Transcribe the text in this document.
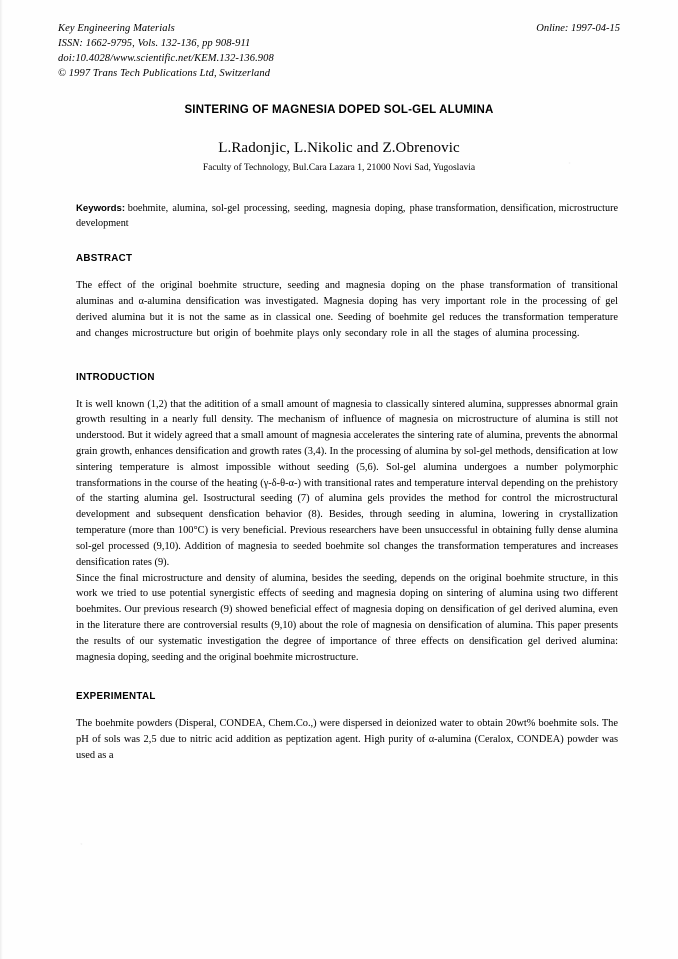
Key Engineering Materials
ISSN: 1662-9795, Vols. 132-136, pp 908-911
doi:10.4028/www.scientific.net/KEM.132-136.908
© 1997 Trans Tech Publications Ltd, Switzerland
Online: 1997-04-15
SINTERING OF MAGNESIA DOPED SOL-GEL ALUMINA
L.Radonjic, L.Nikolic and Z.Obrenovic
Faculty of Technology, Bul.Cara Lazara 1, 21000 Novi Sad, Yugoslavia
Keywords: boehmite, alumina, sol-gel processing, seeding, magnesia doping, phase transformation, densification, microstructure development
ABSTRACT
The effect of the original boehmite structure, seeding and magnesia doping on the phase transformation of transitional aluminas and α-alumina densification was investigated. Magnesia doping has very important role in the processing of gel derived alumina but it is not the same as in classical one. Seeding of boehmite gel reduces the transformation temperature and changes microstructure but origin of boehmite plays only secondary role in all the stages of alumina processing.
INTRODUCTION
It is well known (1,2) that the aditition of a small amount of magnesia to classically sintered alumina, suppresses abnormal grain growth resulting in a nearly full density. The mechanism of influence of magnesia on microstructure of alumina is still not understood. But it widely agreed that a small amount of magnesia accelerates the sintering rate of alumina, prevents the abnormal grain growth, enhances densification and growth rates (3,4). In the processing of alumina by sol-gel methods, densification at low sintering temperature is almost impossible without seeding (5,6). Sol-gel alumina undergoes a number polymorphic transformations in the course of the heating (γ-δ-θ-α-) with transitional rates and temperature interval depending on the prehistory of the starting alumina gel. Isostructural seeding (7) of alumina gels provides the method for control the microstructural development and subsequent densfication behavior (8). Besides, through seeding in alumina, lowering in crystallization temperature (more than 100°C) is very beneficial. Previous researchers have been unsuccessful in obtaining fully dense alumina sol-gel processed (9,10). Addition of magnesia to seeded boehmite sol changes the transformation temperatures and increases densification rates (9).
Since the final microstructure and density of alumina, besides the seeding, depends on the original boehmite structure, in this work we tried to use potential synergistic effects of seeding and magnesia doping on sintering of alumina using two different boehmites. Our previous research (9) showed beneficial effect of magnesia doping on densification of gel derived alumina, even in the literature there are controversial results (9,10) about the role of magnesia on densification of alumina. This paper presents the results of our systematic investigation the degree of importance of three effects on densification gel derived alumina: magnesia doping, seeding and the original boehmite microstructure.
EXPERIMENTAL
The boehmite powders (Disperal, CONDEA, Chem.Co.,) were dispersed in deionized water to obtain 20wt% boehmite sols. The pH of sols was 2,5 due to nitric acid addition as peptization agent. High purity of α-alumina (Ceralox, CONDEA) powder was used as a
